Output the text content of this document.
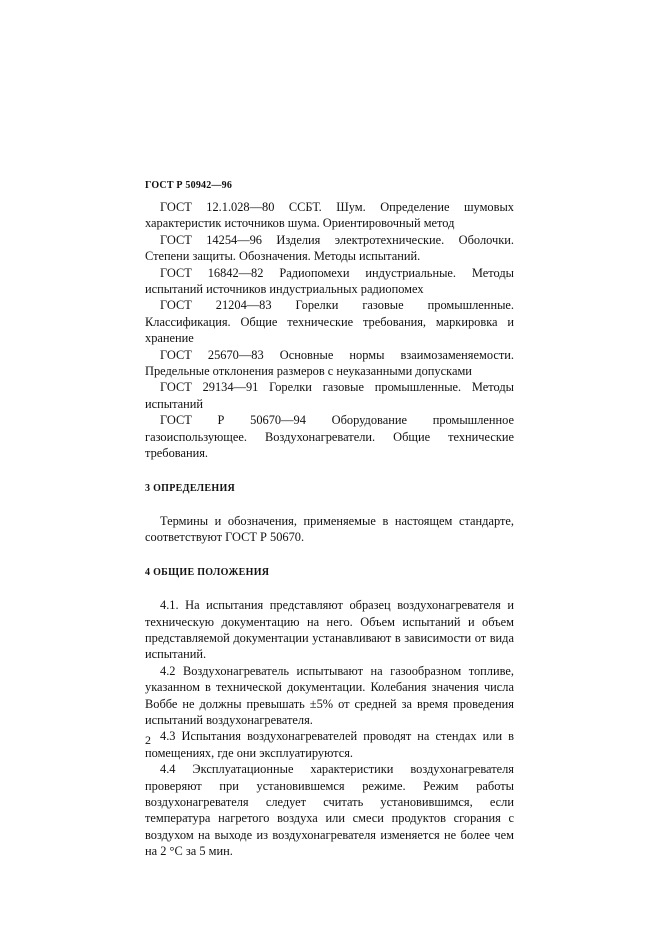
ГОСТ Р 50942—96

ГОСТ 12.1.028—80 ССБТ. Шум. Определение шумовых характеристик источников шума. Ориентировочный метод

ГОСТ 14254—96 Изделия электротехнические. Оболочки. Степени защиты. Обозначения. Методы испытаний.

ГОСТ 16842—82 Радиопомехи индустриальные. Методы испытаний источников индустриальных радиопомех

ГОСТ 21204—83 Горелки газовые промышленные. Классификация. Общие технические требования, маркировка и хранение

ГОСТ 25670—83 Основные нормы взаимозаменяемости. Предельные отклонения размеров с неуказанными допусками

ГОСТ 29134—91 Горелки газовые промышленные. Методы испытаний

ГОСТ Р 50670—94 Оборудование промышленное газоиспользующее. Воздухонагреватели. Общие технические требования.

3 ОПРЕДЕЛЕНИЯ

Термины и обозначения, применяемые в настоящем стандарте, соответствуют ГОСТ Р 50670.

4 ОБЩИЕ ПОЛОЖЕНИЯ

4.1. На испытания представляют образец воздухонагревателя и техническую документацию на него. Объем испытаний и объем представляемой документации устанавливают в зависимости от вида испытаний.

4.2 Воздухонагреватель испытывают на газообразном топливе, указанном в технической документации. Колебания значения числа Воббе не должны превышать ±5% от средней за время проведения испытаний воздухонагревателя.

4.3 Испытания воздухонагревателей проводят на стендах или в помещениях, где они эксплуатируются.

4.4 Эксплуатационные характеристики воздухонагревателя проверяют при установившемся режиме. Режим работы воздухонагревателя следует считать установившимся, если температура нагретого воздуха или смеси продуктов сгорания с воздухом на выходе из воздухонагревателя изменяется не более чем на 2 °С за 5 мин.

2
